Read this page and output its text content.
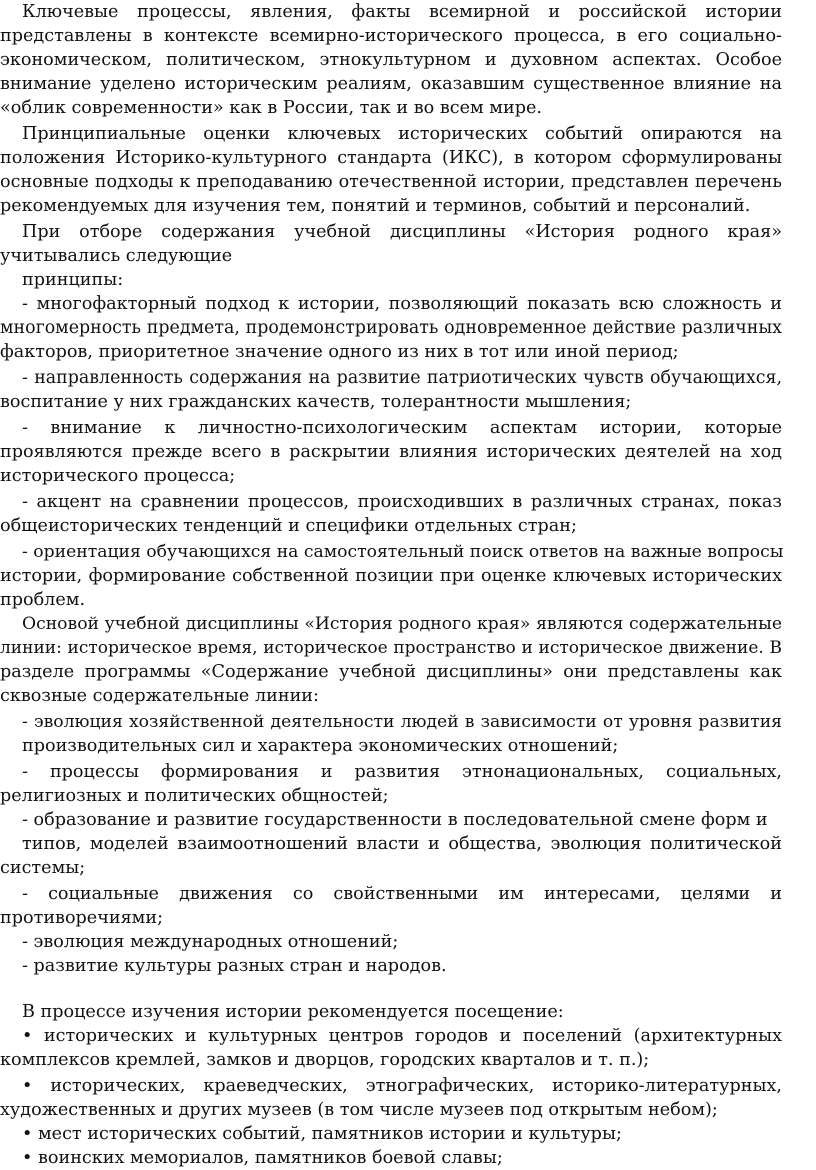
Ключевые процессы, явления, факты всемирной и российской истории
представлены в контексте всемирно-исторического процесса, в его социально-
экономическом, политическом, этнокультурном и духовном аспектах. Особое
внимание уделено историческим реалиям, оказавшим существенное влияние на
«облик современности» как в России, так и во всем мире.
Принципиальные оценки ключевых исторических событий опираются на
положения Историко-культурного стандарта (ИКС), в котором сформулированы
основные подходы к преподаванию отечественной истории, представлен перечень
рекомендуемых для изучения тем, понятий и терминов, событий и персоналий.
При отборе содержания учебной дисциплины «История родного края»
учитывались следующие
принципы:
- многофакторный подход к истории, позволяющий показать всю сложность и
многомерность предмета, продемонстрировать одновременное действие различных
факторов, приоритетное значение одного из них в тот или иной период;
- направленность содержания на развитие патриотических чувств обучающихся,
воспитание у них гражданских качеств, толерантности мышления;
- внимание к личностно-психологическим аспектам истории, которые
проявляются прежде всего в раскрытии влияния исторических деятелей на ход
исторического процесса;
- акцент на сравнении процессов, происходивших в различных странах, показ
общеисторических тенденций и специфики отдельных стран;
- ориентация обучающихся на самостоятельный поиск ответов на важные вопросы
истории, формирование собственной позиции при оценке ключевых исторических
проблем.
Основой учебной дисциплины «История родного края» являются содержательные
линии: историческое время, историческое пространство и историческое движение. В
разделе программы «Содержание учебной дисциплины» они представлены как
сквозные содержательные линии:
- эволюция хозяйственной деятельности людей в зависимости от уровня развития
производительных сил и характера экономических отношений;
- процессы формирования и развития этнонациональных, социальных,
религиозных и политических общностей;
- образование и развитие государственности в последовательной смене форм и
типов, моделей взаимоотношений власти и общества, эволюция политической
системы;
- социальные движения со свойственными им интересами, целями и
противоречиями;
- эволюция международных отношений;
- развитие культуры разных стран и народов.
В процессе изучения истории рекомендуется посещение:
• исторических и культурных центров городов и поселений (архитектурных
комплексов кремлей, замков и дворцов, городских кварталов и т. п.);
• исторических, краеведческих, этнографических, историко-литературных,
художественных и других музеев (в том числе музеев под открытым небом);
• мест исторических событий, памятников истории и культуры;
• воинских мемориалов, памятников боевой славы;
